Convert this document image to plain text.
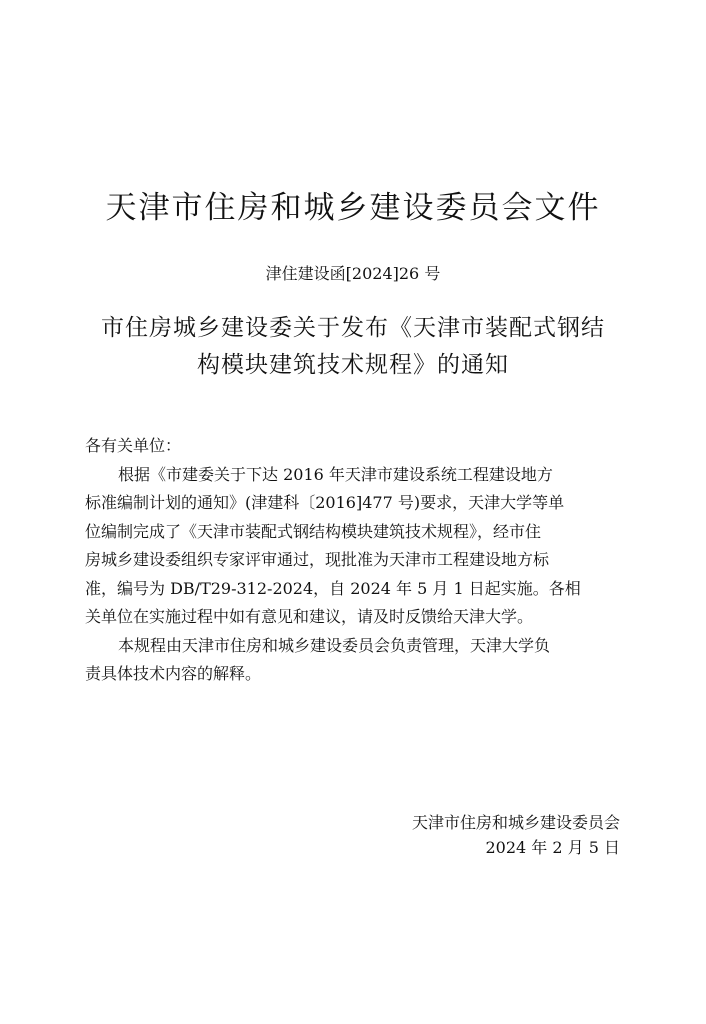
天津市住房和城乡建设委员会文件
津住建设函[2024]26 号
市住房城乡建设委关于发布《天津市装配式钢结
构模块建筑技术规程》的通知
各有关单位：
根据《市建委关于下达 2016 年天津市建设系统工程建设地方
标准编制计划的通知》(津建科〔2016]477 号)要求，天津大学等单
位编制完成了《天津市装配式钢结构模块建筑技术规程》，经市住
房城乡建设委组织专家评审通过，现批准为天津市工程建设地方标
准，编号为 DB/T29-312-2024，自 2024 年 5 月 1 日起实施。各相
关单位在实施过程中如有意见和建议，请及时反馈给天津大学。
本规程由天津市住房和城乡建设委员会负责管理，天津大学负
责具体技术内容的解释。
天津市住房和城乡建设委员会
2024 年 2 月 5 日
